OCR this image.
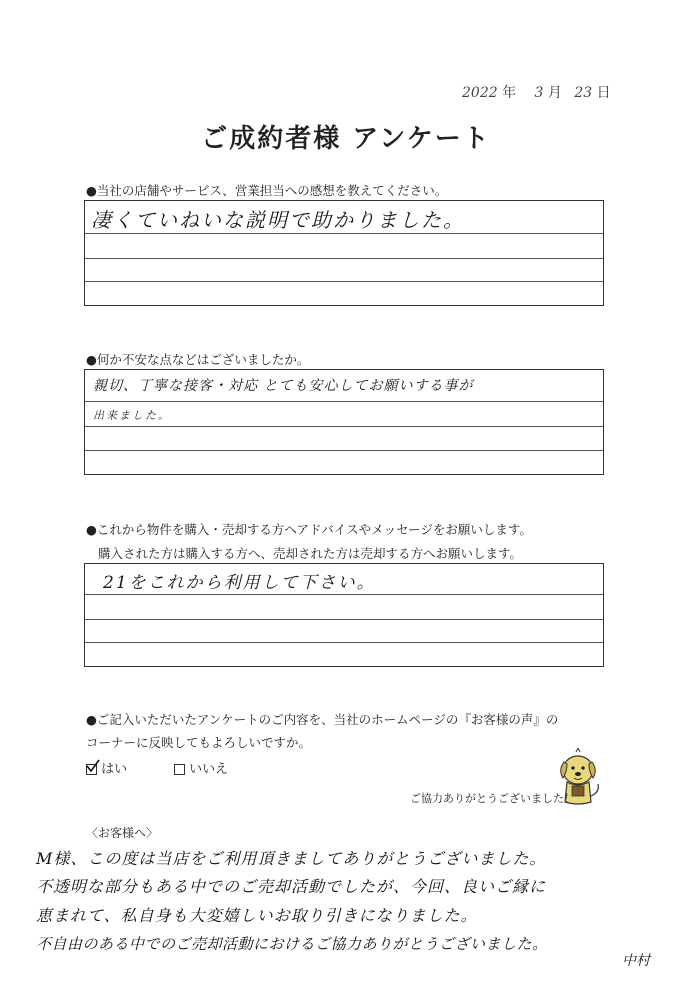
2022 年 3 月 23 日
ご成約者様 アンケート
●当社の店舗やサービス、営業担当への感想を教えてください。
凄くていねいな説明で助かりました。
●何か不安な点などはございましたか。
親切、丁寧な接客・対応 とても安心してお願いする事が
出来ました。
●これから物件を購入・売却する方へアドバイスやメッセージをお願いします。
購入された方は購入する方へ、売却された方は売却する方へお願いします。
21をこれから利用して下さい。
●ご記入いただいたアンケートのご内容を、当社のホームページの『お客様の声』の
コーナーに反映してもよろしいですか。
はい	いいえ
ご協力ありがとうございました！
〈お客様へ〉
M様、この度は当店をご利用頂きましてありがとうございました。
不透明な部分もある中でのご売却活動でしたが、今回、良いご縁に
恵まれて、私自身も大変嬉しいお取り引きになりました。
不自由のある中でのご売却活動におけるご協力ありがとうございました。
中村
